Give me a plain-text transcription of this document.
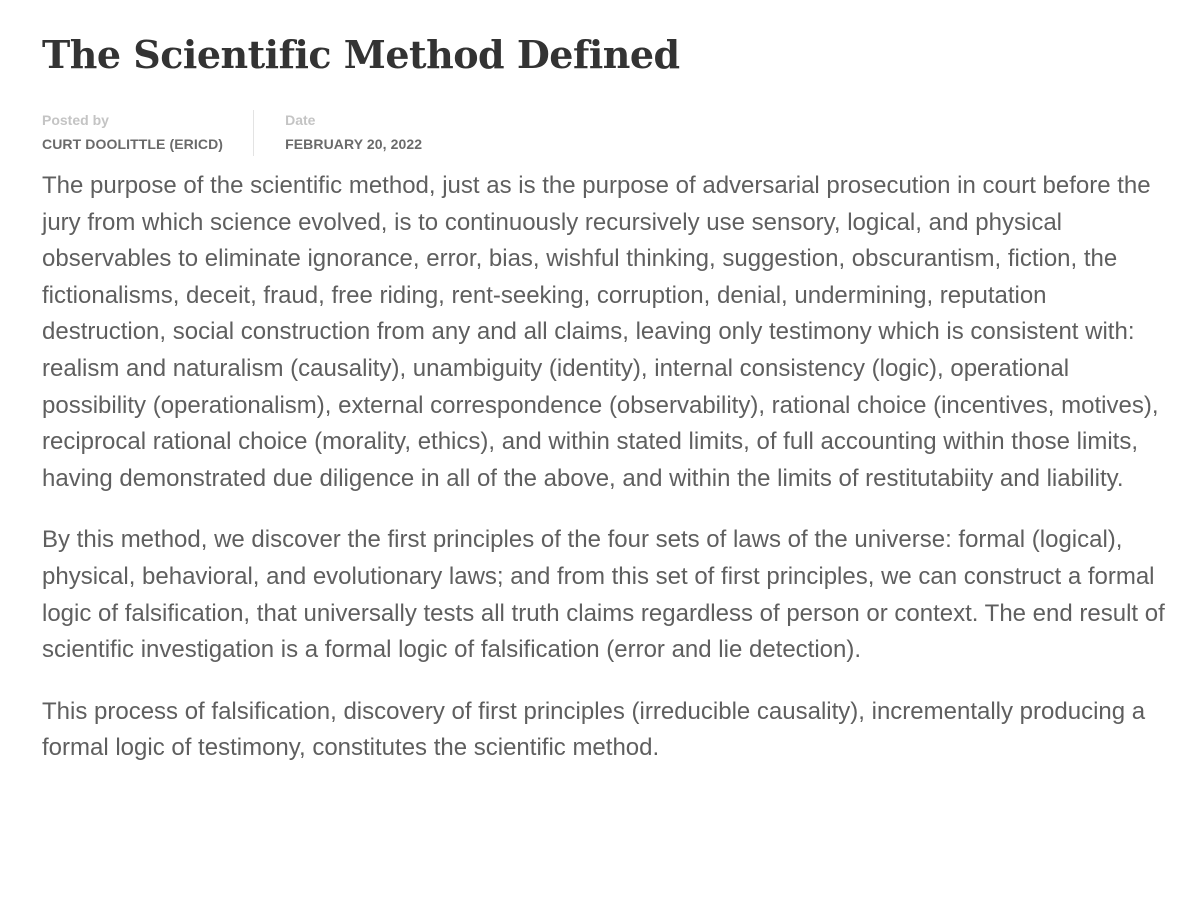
The Scientific Method Defined
Posted by
CURT DOOLITTLE (ERICD)
Date
FEBRUARY 20, 2022

The purpose of the scientific method, just as is the purpose of adversarial prosecution in court before the jury from which science evolved, is to continuously recursively use sensory, logical, and physical observables to eliminate ignorance, error, bias, wishful thinking, suggestion, obscurantism, fiction, the fictionalisms, deceit, fraud, free riding, rent-seeking, corruption, denial, undermining, reputation destruction, social construction from any and all claims, leaving only testimony which is consistent with: realism and naturalism (causality), unambiguity (identity), internal consistency (logic), operational possibility (operationalism), external correspondence (observability), rational choice (incentives, motives), reciprocal rational choice (morality, ethics), and within stated limits, of full accounting within those limits, having demonstrated due diligence in all of the above, and within the limits of restitutabiity and liability.

By this method, we discover the first principles of the four sets of laws of the universe: formal (logical), physical, behavioral, and evolutionary laws; and from this set of first principles, we can construct a formal logic of falsification, that universally tests all truth claims regardless of person or context. The end result of scientific investigation is a formal logic of falsification (error and lie detection).

This process of falsification, discovery of first principles (irreducible causality), incrementally producing a formal logic of testimony, constitutes the scientific method.
